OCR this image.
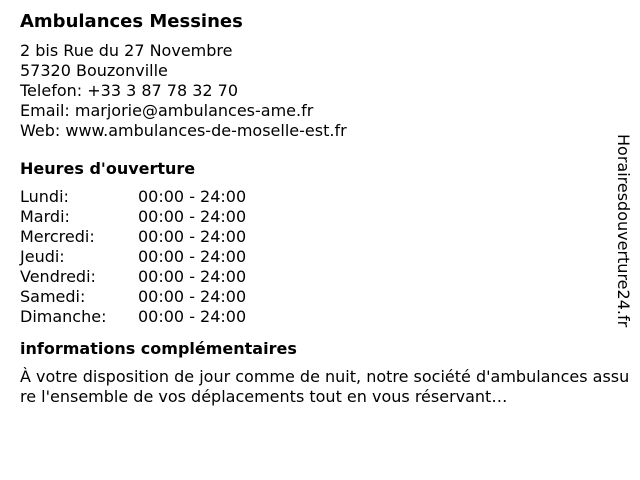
Ambulances Messines
2 bis Rue du 27 Novembre
57320 Bouzonville
Telefon: +33 3 87 78 32 70
Email: marjorie@ambulances-ame.fr
Web: www.ambulances-de-moselle-est.fr
Heures d'ouverture
Lundi:	00:00 - 24:00
Mardi:	00:00 - 24:00
Mercredi:	00:00 - 24:00
Jeudi:	00:00 - 24:00
Vendredi:	00:00 - 24:00
Samedi:	00:00 - 24:00
Dimanche:	00:00 - 24:00
informations complémentaires
À votre disposition de jour comme de nuit, notre société d'ambulances assure l'ensemble de vos déplacements tout en vous réservant…
Horairesdouverture24.fr
